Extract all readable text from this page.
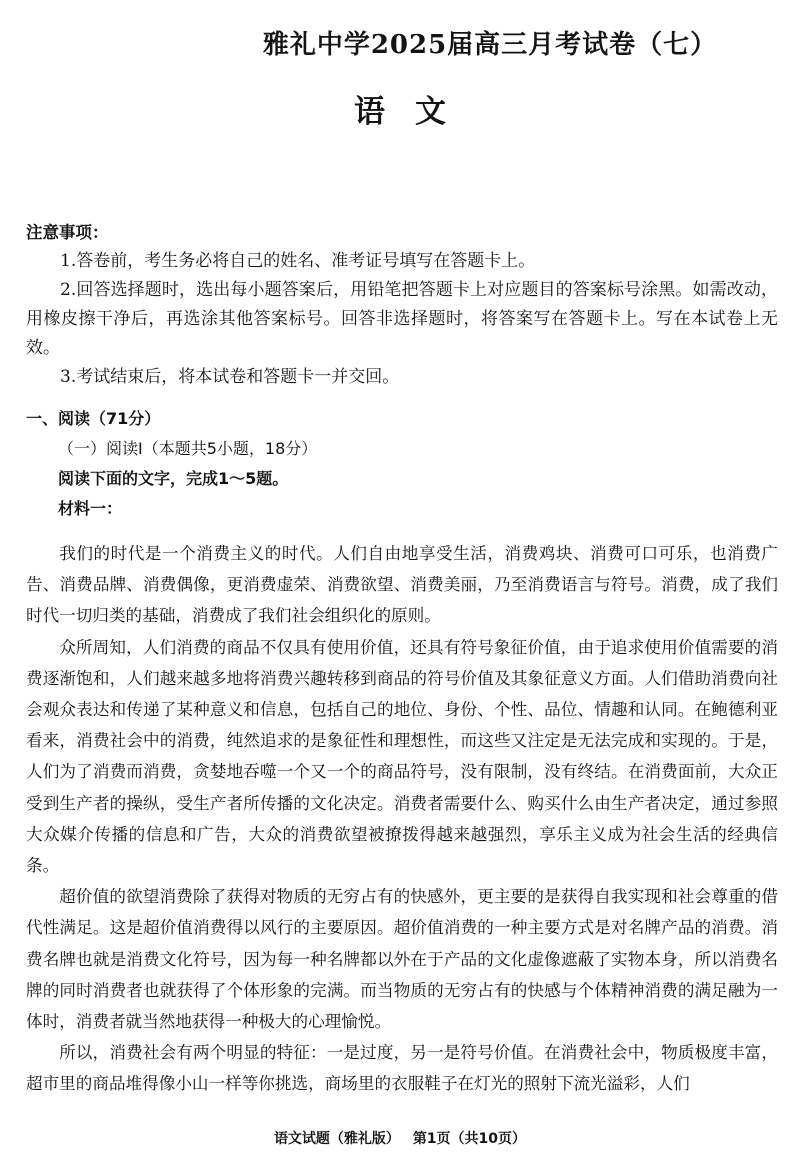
雅礼中学2025届高三月考试卷（七）
语文
注意事项：

1.答卷前，考生务必将自己的姓名、准考证号填写在答题卡上。

2.回答选择题时，选出每小题答案后，用铅笔把答题卡上对应题目的答案标号涂黑。如需改动，用橡皮擦干净后，再选涂其他答案标号。回答非选择题时，将答案写在答题卡上。写在本试卷上无效。

3.考试结束后，将本试卷和答题卡一并交回。

一、阅读（71分）
（一）阅读Ⅰ（本题共5小题，18分）
阅读下面的文字，完成1～5题。
材料一：

我们的时代是一个消费主义的时代。人们自由地享受生活，消费鸡块、消费可口可乐，也消费广告、消费品牌、消费偶像，更消费虚荣、消费欲望、消费美丽，乃至消费语言与符号。消费，成了我们时代一切归类的基础，消费成了我们社会组织化的原则。

众所周知，人们消费的商品不仅具有使用价值，还具有符号象征价值，由于追求使用价值需要的消费逐渐饱和，人们越来越多地将消费兴趣转移到商品的符号价值及其象征意义方面。人们借助消费向社会观众表达和传递了某种意义和信息，包括自己的地位、身份、个性、品位、情趣和认同。在鲍德利亚看来，消费社会中的消费，纯然追求的是象征性和理想性，而这些又注定是无法完成和实现的。于是，人们为了消费而消费，贪婪地吞噬一个又一个的商品符号，没有限制，没有终结。在消费面前，大众正受到生产者的操纵，受生产者所传播的文化决定。消费者需要什么、购买什么由生产者决定，通过参照大众媒介传播的信息和广告，大众的消费欲望被撩拨得越来越强烈，享乐主义成为社会生活的经典信条。

超价值的欲望消费除了获得对物质的无穷占有的快感外，更主要的是获得自我实现和社会尊重的借代性满足。这是超价值消费得以风行的主要原因。超价值消费的一种主要方式是对名牌产品的消费。消费名牌也就是消费文化符号，因为每一种名牌都以外在于产品的文化虚像遮蔽了实物本身，所以消费名牌的同时消费者也就获得了个体形象的完满。而当物质的无穷占有的快感与个体精神消费的满足融为一体时，消费者就当然地获得一种极大的心理愉悦。

所以，消费社会有两个明显的特征：一是过度，另一是符号价值。在消费社会中，物质极度丰富，超市里的商品堆得像小山一样等你挑选，商场里的衣服鞋子在灯光的照射下流光溢彩，人们

语文试题（雅礼版） 第1页（共10页）
